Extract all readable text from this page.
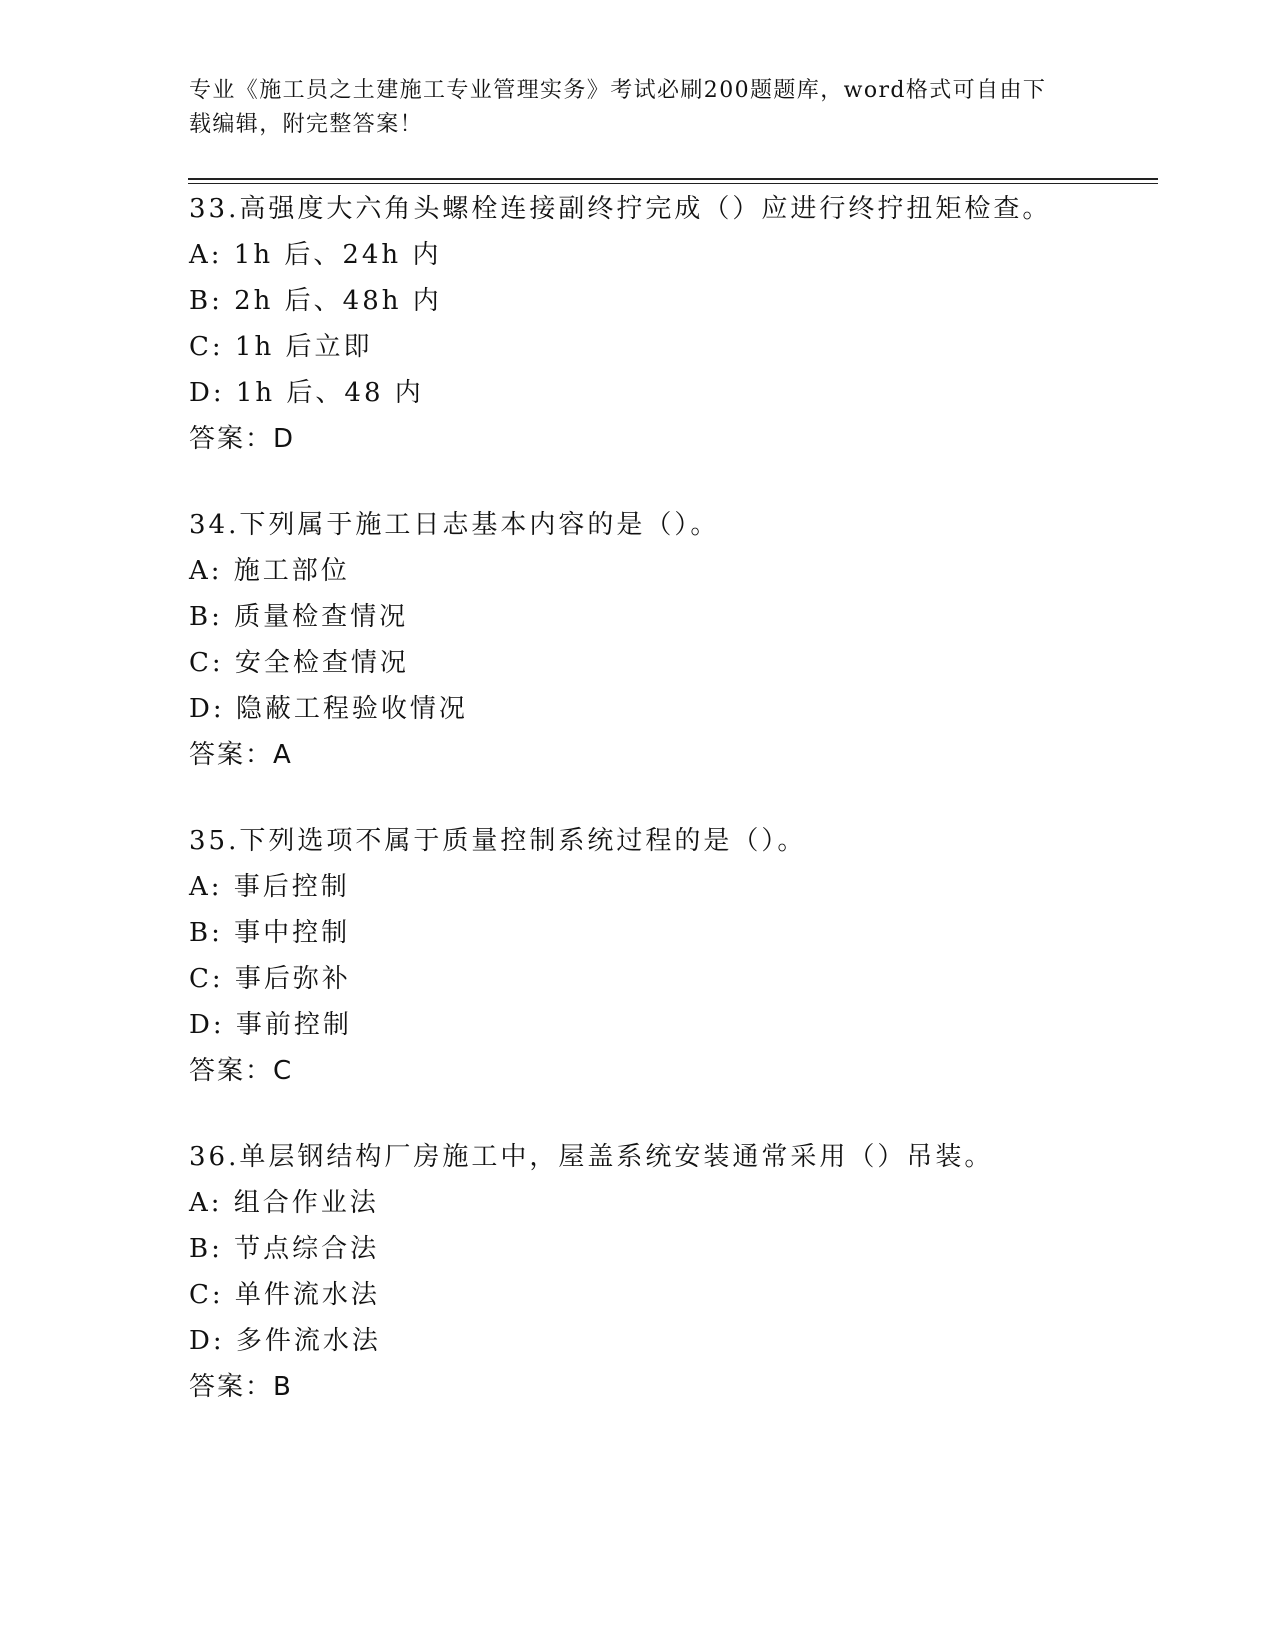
专业《施工员之土建施工专业管理实务》考试必刷200题题库，word格式可自由下载编辑，附完整答案！
33.高强度大六角头螺栓连接副终拧完成（）应进行终拧扭矩检查。
A: 1h 后、24h 内
B: 2h 后、48h 内
C: 1h 后立即
D: 1h 后、48 内
答案：D
34.下列属于施工日志基本内容的是（）。
A: 施工部位
B: 质量检查情况
C: 安全检查情况
D: 隐蔽工程验收情况
答案：A
35.下列选项不属于质量控制系统过程的是（）。
A: 事后控制
B: 事中控制
C: 事后弥补
D: 事前控制
答案：C
36.单层钢结构厂房施工中，屋盖系统安装通常采用（）吊装。
A: 组合作业法
B: 节点综合法
C: 单件流水法
D: 多件流水法
答案：B
